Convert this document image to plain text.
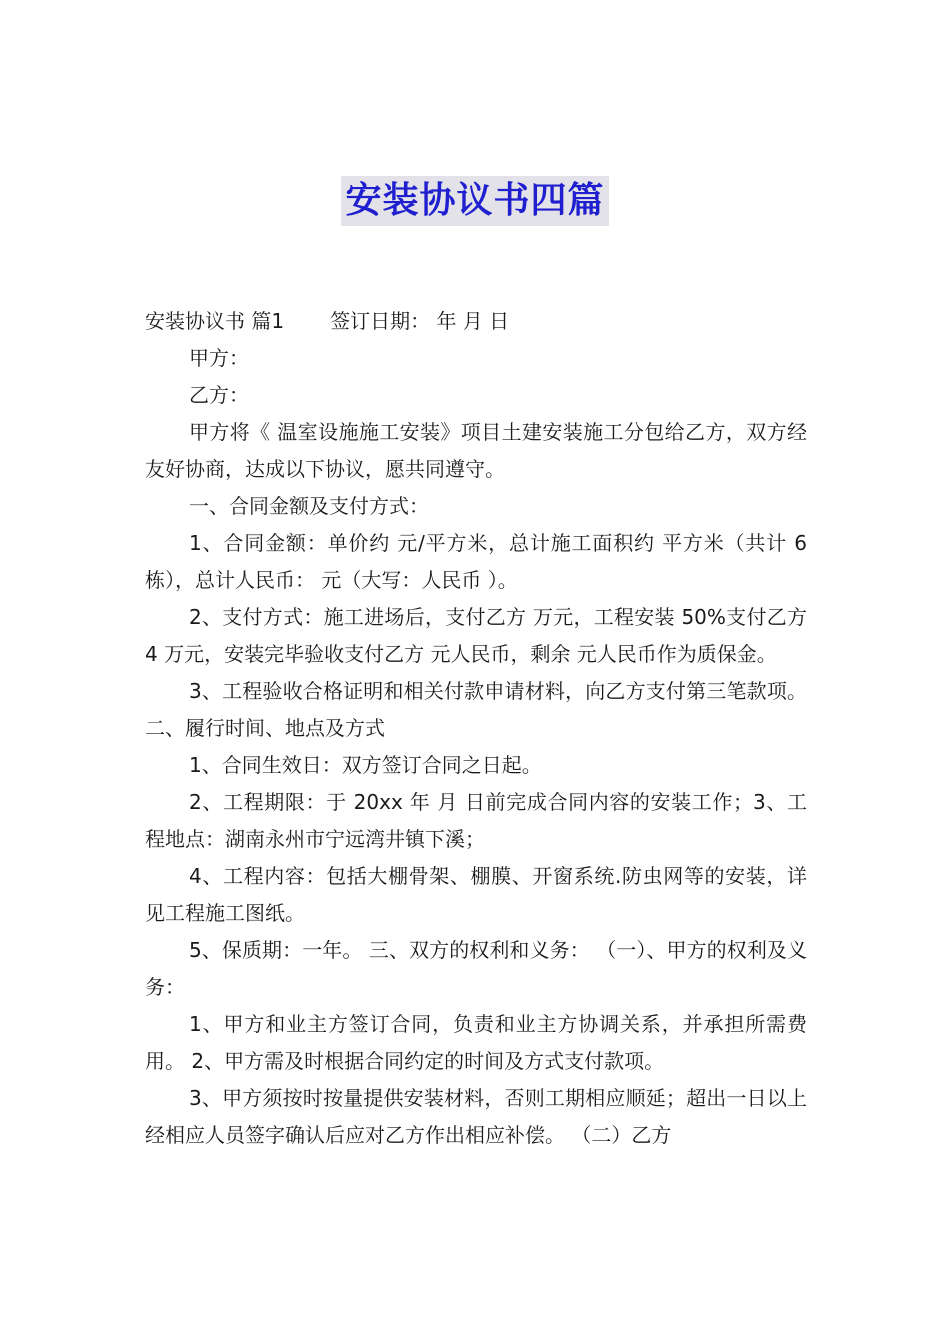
安装协议书四篇

安装协议书 篇1 签订日期： 年 月 日

甲方：

乙方：

甲方将《 温室设施施工安装》项目土建安装施工分包给乙方，双方经友好协商，达成以下协议，愿共同遵守。

一、合同金额及支付方式：

1、合同金额：单价约 元/平方米，总计施工面积约 平方米（共计 6 栋），总计人民币： 元（大写：人民币 ）。

2、支付方式：施工进场后，支付乙方 万元，工程安装 50%支付乙方 4 万元，安装完毕验收支付乙方 元人民币，剩余 元人民币作为质保金。

3、工程验收合格证明和相关付款申请材料，向乙方支付第三笔款项。 二、履行时间、地点及方式

1、合同生效日：双方签订合同之日起。

2、工程期限：于 20xx 年 月 日前完成合同内容的安装工作；3、工程地点：湖南永州市宁远湾井镇下溪；

4、工程内容：包括大棚骨架、棚膜、开窗系统.防虫网等的安装，详见工程施工图纸。

5、保质期：一年。 三、双方的权利和义务： （一）、甲方的权利及义务：

1、甲方和业主方签订合同，负责和业主方协调关系，并承担所需费用。 2、甲方需及时根据合同约定的时间及方式支付款项。

3、甲方须按时按量提供安装材料，否则工期相应顺延；超出一日以上经相应人员签字确认后应对乙方作出相应补偿。 （二）乙方
